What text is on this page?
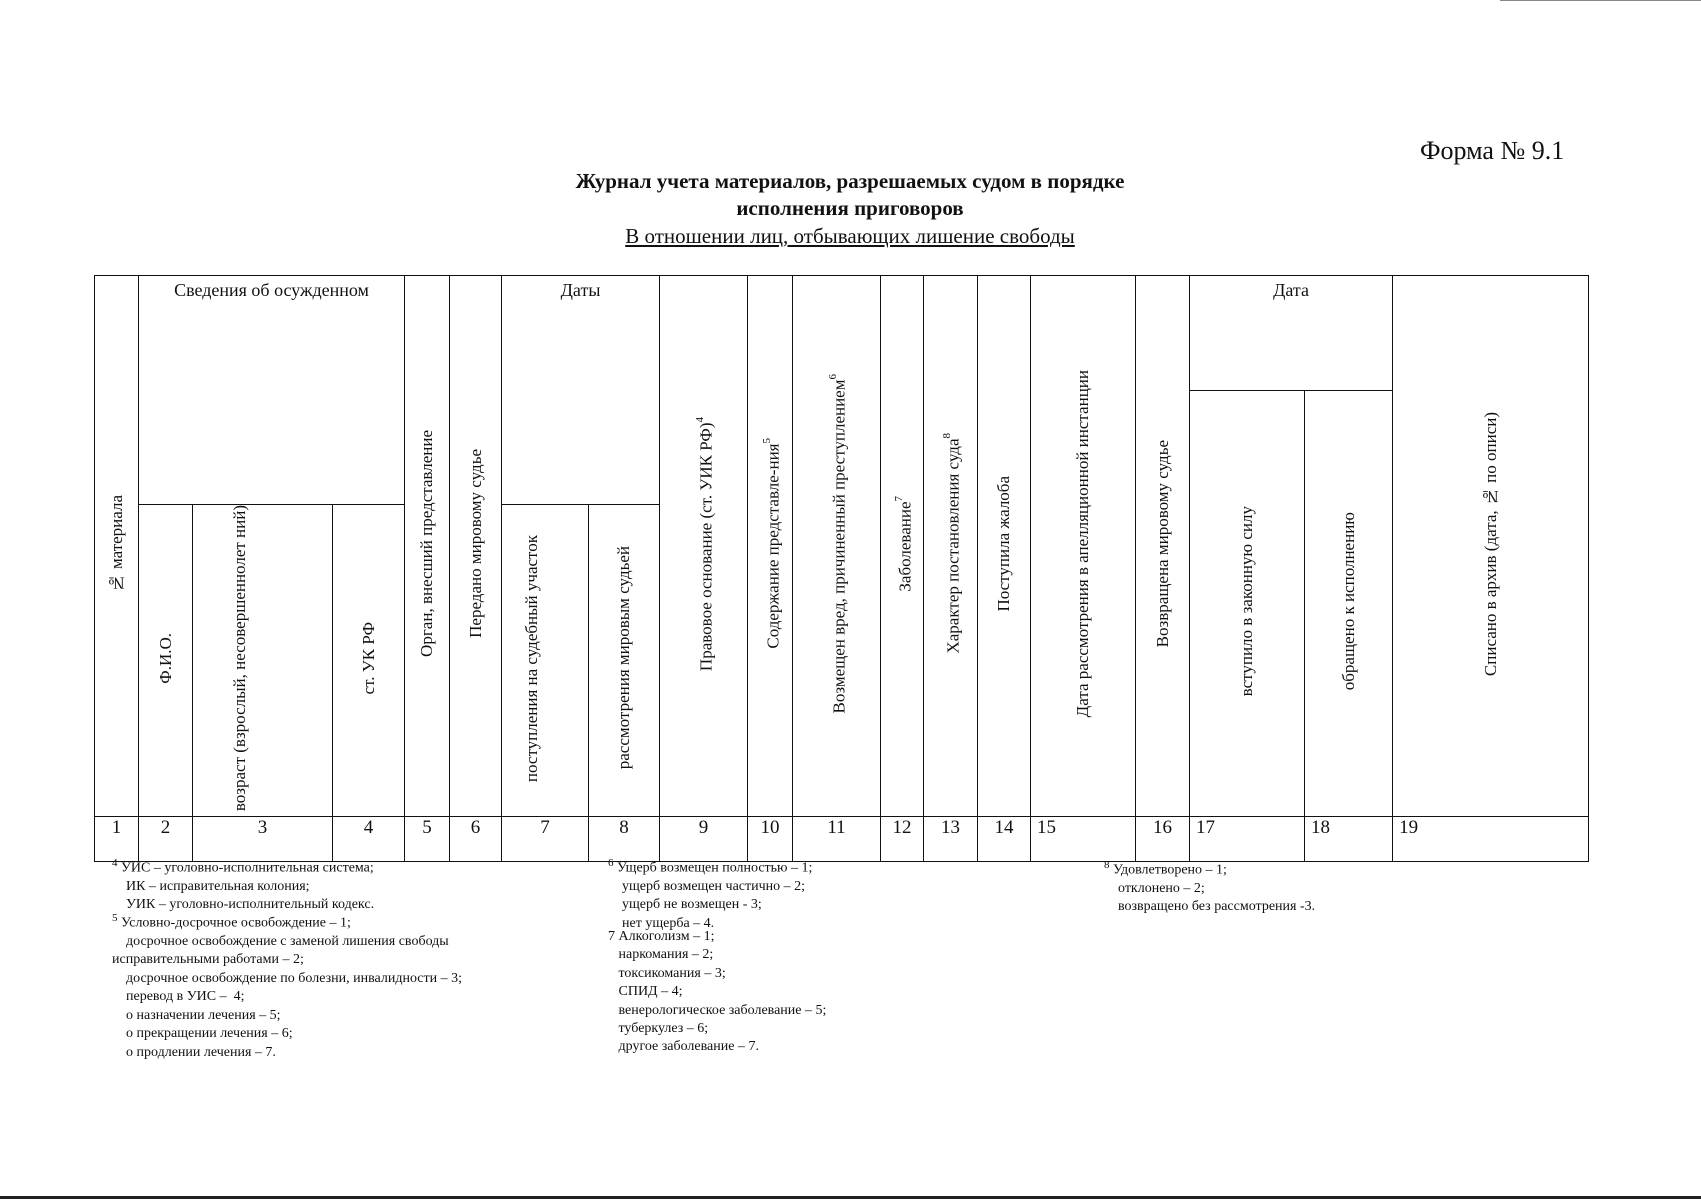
Форма № 9.1
Журнал учета материалов, разрешаемых судом в порядке
исполнения приговоров
В отношении лиц, отбывающих лишение свободы
№ материала	Сведения об осужденном			Орган, внесший представление	Передано мировому судье	Даты		Правовое основание (ст. УИК РФ)$^4$	Содержание представле-ния$^5$	Возмещен вред, причиненный преступлением$^6$	Заболевание$^7$	Характер постановления суда$^8$	Поступила жалоба	Дата рассмотрения в апелляционной инстанции	Возвращена мировому судье	Дата		Списано в архив (дата, № по описи)
																вступило в законную силу	обращено к исполнению	
	Ф.И.О.	возраст (взрослый, несовершеннолет ний)	ст. УК РФ			поступления на судебный участок	рассмотрения мировым судьей											
1	2	3	4	5	6	7	8	9	10	11	12	13	14	15	16	17	18	19
$^4$ УИС – уголовно-исполнительная система;
ИК – исправительная колония;
УИК – уголовно-исполнительный кодекс.
$^5$ Условно-досрочное освобождение – 1;
досрочное освобождение с заменой лишения свободы
исправительными работами – 2;
досрочное освобождение по болезни, инвалидности – 3;
перевод в УИС –  4;
о назначении лечения – 5;
о прекращении лечения – 6;
о продлении лечения – 7.
$^6$ Ущерб возмещен полностью – 1;
ущерб возмещен частично – 2;
ущерб не возмещен - 3;
нет ущерба – 4.
7 Алкоголизм – 1;
наркомания – 2;
токсикомания – 3;
СПИД – 4;
венерологическое заболевание – 5;
туберкулез – 6;
другое заболевание – 7.
$^8$ Удовлетворено – 1;
отклонено – 2;
возвращено без рассмотрения -3.
